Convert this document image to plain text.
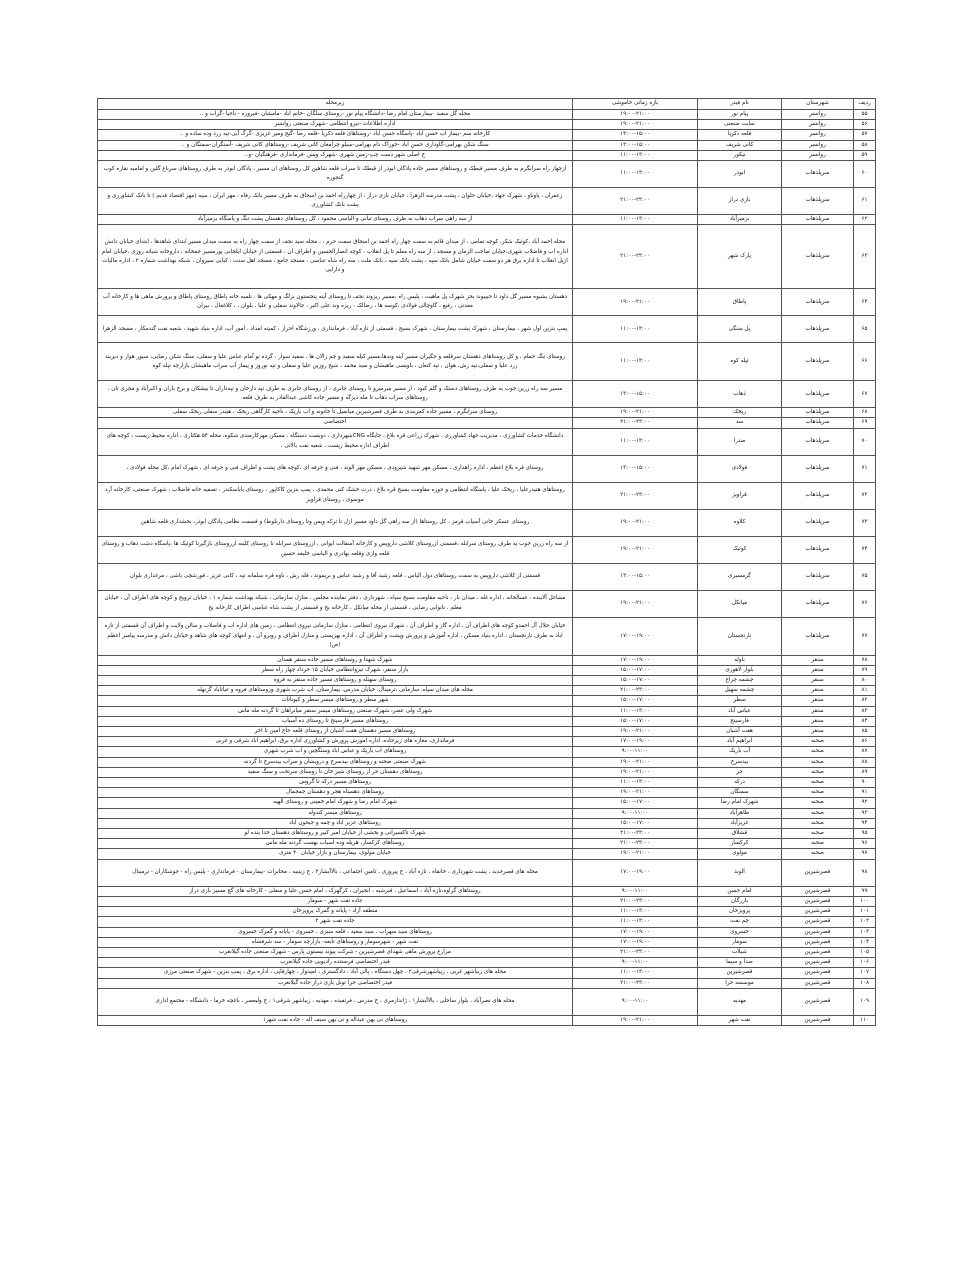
ردیف	شهرستان	نام فیدر	بازه زمانی خاموشی	زیرمحله
۵۵	روانسر	پیام نور	۱۹:۰۰-۲۱:۰۰	محله گل سفید -بیمارستان امام رضا -دانشگاه پیام نور -روستای سلگان -خانم اباد -مامشان -فیروزه - باجیا -گراب و ..
۵۶	روانسر	سایت صنعتی	۱۹:۰۰-۲۱:۰۰	اداره اطلاعات -نیرو انتظامی -شهرک صنعتی روانسر
۵۷	روانسر	قلعه ذکریا	۱۳:۰۰-۱۵:۰۰	کارخانه سم -بیماز اب حسن اباد -پاسگاه حسن اباد -روستاهای قلعه ذکریا -قلعه رضا -گیج ومیر عزیزی -گرگ آبی-تپه زرد وده ساده و ..
۵۸	روانسر	کانی شریف	۱۳:۰۰-۱۵:۰۰	سنگ شکن بهرامی-گاوداری حسن اباد -خوراک دام بهرامی-سیلو چرامغان کانی شریف -روستاهای کانی شریف -آسنگران-سمنگان و ..
۵۹	روانسر	نیکور	۱۱:۰۰-۱۳:۰۰	خ اصلی شهر دست چپ-زمین شهری -شهرک ویس -فرمانداری -فرهنگیان -و..
۶۰	سرپلذهاب	ابوذر	۱۱:۰۰-۱۳:۰۰	ازچهار راه سرابگرم به طرف مسیر قیطک و روستاهای مسیر جاده پادگان ابوذر از قیطک تا سراب قلعه شاهین کل روستاهای ان مسیر ، پادگان ابوذر به طرف روستاهای سرباغ گلین و امامیه نقاره کوب گنجوره
۶۱	سرپلذهاب	بازی دراز	۲۱:۰۰-۲۳:۰۰	زعفران ، پاوناو ، شهرک جهاد ،خیابان حلوان ، پشت مدرسه الزهرا ، خیابان بازی دراز ، از چهارراه احمد بن اسحاق به طرف مسیر بانک رفاه ، مهر ایران ، سپه (مهر اقتصاد قدیم ) تا بانک کشاورزی و پشت بانک کشاورزی
۶۲	سرپلذهاب	بزمیرآباد	۱۱:۰۰-۱۳:۰۰	از سه راهی سراب ذهاب به طرف روستای تیانی و الیاسی محمود ، کل روستاهای دهستان پشت تنگ و پاسگاه بزمیرآباد
۶۳	سرپلذهاب	پارک شهر	۲۱:۰۰-۲۳:۰۰	محله احمد آباد ،کوئیک شکر، کوچه تمامی ، از میدان قائم به سمت چهار راه احمد بن اسحاق سمت حرم ، ، محله سید نجف از سمت چهار راه به سمت میدان مسیر ابتدای شاهدها ، ابتدای خیابان دانش اداره اب و فاضلاب شهری،خیابان صاحب الزمان و مسجد ، از سه راه معلم تا پل انقلاب ، کوچه انصارالحسین و اطراف ان ، قسمتی از خیابان ایلخانی پورمسیر جمخانه ، داروخانه شبانه روزی ،خیابان امام ازپل انقلاب تا اداره برق هر دو سمت خیابان شامل بانک سپه ، پشت بانک سپه ، بانک ملت ، سه راه شاه عباسی ، مسجد جامع ، مسجد اهل سنت ، کبابی سیروان ، شبکه بهداشت شماره ۲ ، اداره مالیات و دارایی
۶۴	سرپلذهاب	پاطاق	۱۹:۰۰-۲۱:۰۰	دهستان بشیوه مسیر گل داود تا حبیبوند بجز شهرک پل ماهیت ، پلیس راه ،مسیر ریزوند نجف تا روستای آینه پنجستون بزلگ و مهکی ها ، تلمبه خانه پاطاق روستای پاطاق و پرورش ماهی ها و کارخانه آب معدنی ، رفیع ، گاوچالی فولادی ،کوسه ها ، رضالک ، ریزه وند علی اکبر ، جالاوند سفلی و علیا ، بلوان ، ، کلاغعال ، بیران
۶۵	سرپلذهاب	پل سنگی	۱۱:۰۰-۱۳:۰۰	پمپ بنزین اول شهر ، بیمارستان ، شهرک پشت بیمارستان ، شهرک بسیج ، قسمتی از تازه آباد ، فرمانداری ، ورزشگاه احرار ، کمیته امداد ، امور آب، اداره بنیاد شهید ، شعبه نفت گندمکار ، مسجد الزهرا
۶۶	سرپلذهاب	تپله کوه	۱۱:۰۰-۱۳:۰۰	روستای تنگ حمام ، و کل روستاهای دهستان سرقلعه و جگیران مسیر آینه وندها،مسیر کیله سفید و چم زالان ها ، سفید سوار ، گرده نو آمام عباس علیا و سفلی، سنگ شکن رضایی، سیور هوار و دیربند زرد علیا و سفلی،تپه رش، هوان ، تپه کنعان ، باویسی ماهیشان و سید محمد ، شیخ روزین علیا و سفلی و تپه نوروز و پیماز آب سراب ماهیشان بازارچه تپله کوه
۶۷	سرپلذهاب	ذهاب	۱۳:۰۰-۱۵:۰۰	مسیر سه راه زرین جوب به طرف روستاهای دستک و گلم کبود ، از مسیر میرمیرو تا روستای جابری ، از روستای جابری به طرف تپه دارخان و تپه‌داران تا بیشکان و برخ باران و اکبرآباد و مجری تان ، روستاهای سراب ذهاب تا مله دیزگه و مسیر جاده کاشی عبدالقادر به طرف قلعه
۶۸	سرپلذهاب	ریخک	۱۹:۰۰-۲۱:۰۰	روستای سرابگرم ، مسیر جاده کمربندی به طرف قصرشیرین میانمیل تا خاتونه و اب باریک ، ناحیه کارگاهی ریخک ، هیندر سفلی ریخک سفلی
۶۹	سرپلذهاب	سد	۲۱:۰۰-۲۳:۰۰	اختصاصی
۷۰	سرپلذهاب	صدرا	۱۱:۰۰-۱۳:۰۰	دانشگاه خدمات کشاورزی ، مدیریت جهاد کشاورزی ، شهرک زراعی قره بلاغ ، جایگاه CNGشهرداری ، دوبست دستگاه ، مسکن مهرکارمندی شکوه، محله ۵۴ هکتاری ، اداره محیط زیست ، کوچه های اطراف اداره محیط زیست ، شعبه نفت بالائی ،
۷۱	سرپلذهاب	فولادی	۱۳:۰۰-۱۵:۰۰	روستای قره بلاغ اعظم ، اداره راهداری ، مسکن مهر شهید شیرودی ، مسکن مهر الوند ، فنی و حرفه ای ،کوچه های پشت و اطراف فنی و حرفه ای ، شهرک امام ،کل محله فولادی ،
۷۲	سرپلذهاب	قراویز	۲۱:۰۰-۲۳:۰۰	روستاهای هنیدرعلیا ، ریخک علیا ، پاسگاه انتظامی و حوزه مقاومت بسیج قره بلاغ ، ذرت خشک کنی محمدی ، پمپ بنزین کاکاپور ، روستای باباسکندر ، تصفیه خانه فاضلاب ، شهرک صنعتی، کارخانه آرد موسوی ، روستای قراویز
۷۳	سرپلذهاب	کلاوه	۱۹:۰۰-۲۱:۰۰	روستای عسکر خانی آسیاب قرمز ، کل روستاها (از سه راهی گل داود مسیر ازل تا ترکه ویس وتا روستای داربلوط) و قسمت نظامی پادگان ابوذر، بخشداری قلعه شاهین
۷۴	سرپلذهاب	کوئیک	۱۹:۰۰-۲۱:۰۰	از سه راه زرین جوب به طرف روستای سرابله ،قسمتی ازروستای کلاشی داروپس و کارخانه آسفالت ایوانی ، ازروستای سرابله تا روستای کلینه ازروستای بازگیرتا کوئیک ها ،پاسگاه دشت ذهاب و روستای قلعه واری وقلعه بهادری و الیاسی خلیفه حسین
۷۵	سرپلذهاب	گرمسیری	۱۳:۰۰-۱۵:۰۰	قسمتی از کلاشی داروپس به سمت روستاهای دول الیاس ، قلعه رشید آقا و رشید عباس و بریموند ، قله رش ، ناوه قره سلمانه تپه ، کانی عزیز ، قورشچی باشی ، مرغداری بلوان
۷۶	سرپلذهاب	میانکل	۱۹:۰۰-۲۱:۰۰	مشاغل آلاینده ، غسالخانه ، اداره غله ، میدان بار ، ناحیه مقاومت بسیج سپاه ، شهرداری ، دفتر نماینده مجلس ، منازل سازمانی ، شبکه بهداشت شماره ۱ ، خیابان ترویج و کوچه های اطراف آن ، خیابان معلم ، نانوایی رضایی ، قسمتی از محله میانکل ، کارخانه یخ و قسمتی از پشت شاه عباسی اطراف کارخانه یخ
۷۷	سرپلذهاب	نارنجستان	۱۷:۰۰-۱۹:۰۰	خیابان جلال آل احمدو کوچه های اطراف آن ، اداره گاز و اطراف آن ، شهرک نیروی انتظامی ، منازل سازمانی نیروی انتظامی ، زمین های اداره اب و فاضلاب و سالن ولایت و اطراف آن قسمتی از تازه اباد به طرف نارنجستان ، اداره بنیاد مسکن ، اداره آموزش و پرورش وپشت و اطراف آن ، اداره بهزیستی و منازل اطراف و روبرو آن ، و انتهای کوچه های شاهد و خیابان دانش و مدرسه پیامبر اعظم (ص)
۷۸	سنقر	باوله	۱۷:۰۰-۱۹:۰۰	شهرک شهدا و روستاهای مسیر جاده سنقر همدان
۷۹	سنقر	بلوار لاهوری	۱۵:۰۰-۱۷:۰۰	بازار سنقر، شهرک نیروانتظامی خیابان ۱۵ خرداد چهار راه سطر
۸۰	سنقر	چشمه چراغ	۱۵:۰۰-۱۷:۰۰	روستای سهنله و روستاهای مسیر جاده سنقر به فروه
۸۱	سنقر	چشمه سهیل	۲۱:۰۰-۲۳:۰۰	محله های میدان سپاه، سازمانی ،ترمینال، خیابان مدرس، بیمارستان، اب شرب شهری وروستاهای فروه و غیاثاباد گزنهله
۸۲	سنقر	سطر	۱۵:۰۰-۱۷:۰۰	شهر سطر و روستاهای میسر سطر و کیوناتات
۸۳	سنقر	عباس آباد	۱۱:۰۰-۱۳:۰۰	شهرک ولی عصر، شهرک صنعتی روستاهای میسر سنقر میانراهان تا گردنه مله ماس
۸۴	سنقر	فارسینج	۱۵:۰۰-۱۷:۰۰	روستاهای مسیر فارسینج تا روستای ده آسیاب
۸۵	سنقر	هفت آشیان	۱۹:۰۰-۲۱:۰۰	روستاهای مسیر دهستان هفت آشیان از روستای قلعه حاج امین تا اخر
۸۶	صحنه	ابراهیم آباد	۱۷:۰۰-۱۹:۰۰	فرمانداری، مغازه های زیرجاده، اداره اموزش پرورش و کشاورزی اداره برق، ابراهیم اباد شرقی و غربی
۸۷	صحنه	آب باریک	۹:۰۰-۱۱:۰۰	روستاهای اب باریک و عباس اباد وسنگچین و اب شرب شهری
۸۸	صحنه	بیدسرخ	۱۹:۰۰-۲۱:۰۰	شهرک صنعتی صحنه و روستاهای بیدسرخ و درویشان و سراب بیدسرخ تا گردنه
۸۹	صحنه	حر	۱۹:۰۰-۲۱:۰۰	روستاهای دهستان حر از روستای شیر خان تا روستای سرتخت و سنگ سفید
۹۰	صحنه	درکه	۱۱:۰۰-۱۳:۰۰	روستاهای مسیر درکه تا گروس
۹۱	صحنه	سمنگان	۱۹:۰۰-۲۱:۰۰	روستاهای دهستاه هجر و دهستان جمجمال
۹۲	صحنه	شهرک امام رضا	۱۵:۰۰-۱۷:۰۰	شهرک امام رضا و شهرک امام خمینی و روستای الهیه
۹۳	صحنه	طاهرآباد	۹:۰۰-۱۱:۰۰	روستاهای میسر کندوله
۹۴	صحنه	عزیزآباد	۱۵:۰۰-۱۷:۰۰	روستاهای عزیز اباد و چمه و جیحون اباد
۹۵	صحنه	قشلاق	۲۱:۰۰-۲۳:۰۰	شهرک تاکسیرانی و بخشی از خیابان امیر کبیر و روستاهای دهستان خدا بنده لو
۹۶	صحنه	کرکسار	۲۱:۰۰-۲۳:۰۰	روستاهای کرکسار، هریله وده اسیاب بهست گردنه مله ماس
۹۷	صحنه	مولوی	۱۹:۰۰-۲۱:۰۰	خیابان مولوی، بیمارستان و بازار خیابان ۴۰ متری
۹۸	قصرشیرین	الوند	۱۷:۰۰-۱۹:۰۰	محله های قصرجدید ، پشت شهرداری ، خانقاه ، تازه آباد ، خ پیروزی ، تامین اجتماعی ، بالاآبشار۲ ، خ زینبیه ، مخابرات -بیمارستان - فرمانداری - پلیس راه - جوشکاران - ترمینال
۹۹	قصرشیرین	امام حسن	۹:۰۰-۱۱:۰۰	روستاهای گراوه،تازه آباد ، اسماعیل ، قبرشیه ، انجیران ، کرگهرک ، امام حسن علیا و سفلی - کارخانه های گچ مسیر بازی دراز
۱۰۰	قصرشیرین	بازرگان	۲۱:۰۰-۲۳:۰۰	جاده نفت شهر - سومار
۱۰۱	قصرشیرین	پرویزخان	۱۱:۰۰-۱۳:۰۰	منطقه آزاد - پایانه و گمرک پرویزخان
۱۰۲	قصرشیرین	چم نفت	۱۱:۰۰-۱۳:۰۰	جاده نفت شهر ۲
۱۰۳	قصرشیرین	خسروی	۱۷:۰۰-۱۹:۰۰	روستاهای سید سهراب ، سید سعید ، قلعه سبزی ، خسروی - پایانه و گمرک خسروی
۱۰۴	قصرشیرین	سومار	۱۷:۰۰-۱۹:۰۰	نفت شهر - شهرسومار و روستاهای تابعه- بازارچه سومار - سد شرفشاه
۱۰۵	قصرشیرین	شیلات	۲۱:۰۰-۲۳:۰۰	مزارع پرورش ماهی شهدای قصرشیرین - شرکت پیوند بیستون پارس - شهرک صنعتی جاده گیلانغرب
۱۰۶	قصرشیرین	صدا و سیما	۹:۰۰-۱۱:۰۰	فیدر اختصاصی فرستنده رادیویی جاده گیلانغرب
۱۰۷	قصرشیرین	قصرشیرین	۱۱:۰۰-۱۳:۰۰	محله های زیباشهر غربی ، زیباشهرشرقی۲ ، چهل دستگاه ، پالی آباد ، دادگستری ، امیدوار ، چهارقاپی ، اداره برق ، پمپ بنزین - شهرک صنعتی مرزی
۱۰۸	قصرشیرین	موسسه حرا	۲۱:۰۰-۲۳:۰۰	فیدر اختصاصی حرا تونل بازی دراز جاده گیلانغرب
۱۰۹	قصرشیرین	مهدیه	۹:۰۰-۱۱:۰۰	محله های نصرآباد ، بلوار ساحلی ، بالاآبشار۱ ، ژاندارمری ، خ مدرس ، فرتفیده ، مهدیه ، زیباشهر شرقی۱ ، خ ولیعصر ، باغچه خرما - دانشگاه - مجتمع اداری
۱۱۰	قصرشیرین	نفت شهر	۱۹:۰۰-۲۱:۰۰	روستاهای نی یهن عبداله و نی یهن سیف اله - جاده نفت شهر۱
